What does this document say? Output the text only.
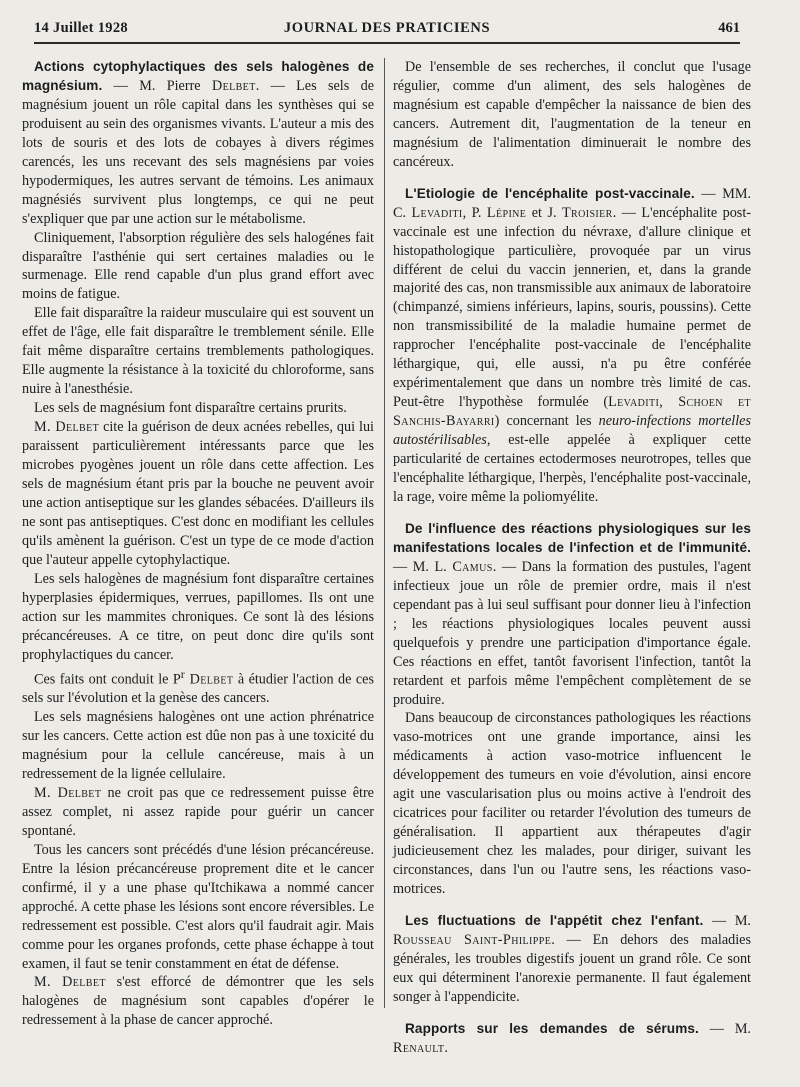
14 Juillet 1928	JOURNAL DES PRATICIENS	461

Actions cytophylactiques des sels halogènes de magnésium. — M. Pierre Delbet. — Les sels de magnésium jouent un rôle capital dans les synthèses qui se produisent au sein des organismes vivants. L'auteur a mis des lots de souris et des lots de cobayes à divers régimes carencés, les uns recevant des sels magnésiens par voies hypodermiques, les autres servant de témoins. Les animaux magnésiés survivent plus longtemps, ce qui ne peut s'expliquer que par une action sur le métabolisme.

Cliniquement, l'absorption régulière des sels halogénes fait disparaître l'asthénie qui sert certaines maladies ou le surmenage. Elle rend capable d'un plus grand effort avec moins de fatigue.

Elle fait disparaître la raideur musculaire qui est souvent un effet de l'âge, elle fait disparaître le tremblement sénile. Elle fait même disparaître certains tremblements pathologiques. Elle augmente la résistance à la toxicité du chloroforme, sans nuire à l'anesthésie.

Les sels de magnésium font disparaître certains prurits.

M. Delbet cite la guérison de deux acnées rebelles, qui lui paraissent particulièrement intéressants parce que les microbes pyogènes jouent un rôle dans cette affection. Les sels de magnésium étant pris par la bouche ne peuvent avoir une action antiseptique sur les glandes sébacées. D'ailleurs ils ne sont pas antiseptiques. C'est donc en modifiant les cellules qu'ils amènent la guérison. C'est un type de ce mode d'action que l'auteur appelle cytophylactique.

Les sels halogènes de magnésium font disparaître certaines hyperplasies épidermiques, verrues, papillomes. Ils ont une action sur les mammites chroniques. Ce sont là des lésions précancéreuses. A ce titre, on peut donc dire qu'ils sont prophylactiques du cancer.

Ces faits ont conduit le $P^r$ Delbet à étudier l'action de ces sels sur l'évolution et la genèse des cancers.

Les sels magnésiens halogènes ont une action phrénatrice sur les cancers. Cette action est dûe non pas à une toxicité du magnésium pour la cellule cancéreuse, mais à un redressement de la lignée cellulaire.

M. Delbet ne croit pas que ce redressement puisse être assez complet, ni assez rapide pour guérir un cancer spontané.

Tous les cancers sont précédés d'une lésion précancéreuse. Entre la lésion précancéreuse proprement dite et le cancer confirmé, il y a une phase qu'Itchikawa a nommé cancer approché. A cette phase les lésions sont encore réversibles. Le redressement est possible. C'est alors qu'il faudrait agir. Mais comme pour les organes profonds, cette phase échappe à tout examen, il faut se tenir constamment en état de défense.

M. Delbet s'est efforcé de démontrer que les sels halogènes de magnésium sont capables d'opérer le redressement à la phase de cancer approché.

De l'ensemble de ses recherches, il conclut que l'usage régulier, comme d'un aliment, des sels halogènes de magnésium est capable d'empêcher la naissance de bien des cancers. Autrement dit, l'augmentation de la teneur en magnésium de l'alimentation diminuerait le nombre des cancéreux.

L'Etiologie de l'encéphalite post-vaccinale. — MM. C. Levaditi, P. Lépine et J. Troisier. — L'encéphalite post-vaccinale est une infection du névraxe, d'allure clinique et histopathologique particulière, provoquée par un virus différent de celui du vaccin jennerien, et, dans la grande majorité des cas, non transmissible aux animaux de laboratoire (chimpanzé, simiens inférieurs, lapins, souris, poussins). Cette non transmissibilité de la maladie humaine permet de rapprocher l'encéphalite post-vaccinale de l'encéphalite léthargique, qui, elle aussi, n'a pu être conférée expérimentalement que dans un nombre très limité de cas. Peut-être l'hypothèse formulée (Levaditi, Schoen et Sanchis-Bayarri) concernant les neuro-infections mortelles autostérilisables, est-elle appelée à expliquer cette particularité de certaines ectodermoses neurotropes, telles que l'encéphalite léthargique, l'herpès, l'encéphalite post-vaccinale, la rage, voire même la poliomyélite.

De l'influence des réactions physiologiques sur les manifestations locales de l'infection et de l'immunité. — M. L. Camus. — Dans la formation des pustules, l'agent infectieux joue un rôle de premier ordre, mais il n'est cependant pas à lui seul suffisant pour donner lieu à l'infection ; les réactions physiologiques locales peuvent aussi quelquefois y prendre une participation d'importance égale. Ces réactions en effet, tantôt favorisent l'infection, tantôt la retardent et parfois même l'empêchent complètement de se produire.

Dans beaucoup de circonstances pathologiques les réactions vaso-motrices ont une grande importance, ainsi les médicaments à action vaso-motrice influencent le développement des tumeurs en voie d'évolution, ainsi encore agit une vascularisation plus ou moins active à l'endroit des cicatrices pour faciliter ou retarder l'évolution des tumeurs de généralisation. Il appartient aux thérapeutes d'agir judicieusement chez les malades, pour diriger, suivant les circonstances, dans l'un ou l'autre sens, les réactions vaso-motrices.

Les fluctuations de l'appétit chez l'enfant. — M. Rousseau Saint-Philippe. — En dehors des maladies générales, les troubles digestifs jouent un grand rôle. Ce sont eux qui déterminent l'anorexie permanente. Il faut également songer à l'appendicite.

Rapports sur les demandes de sérums. — M. Renault.
